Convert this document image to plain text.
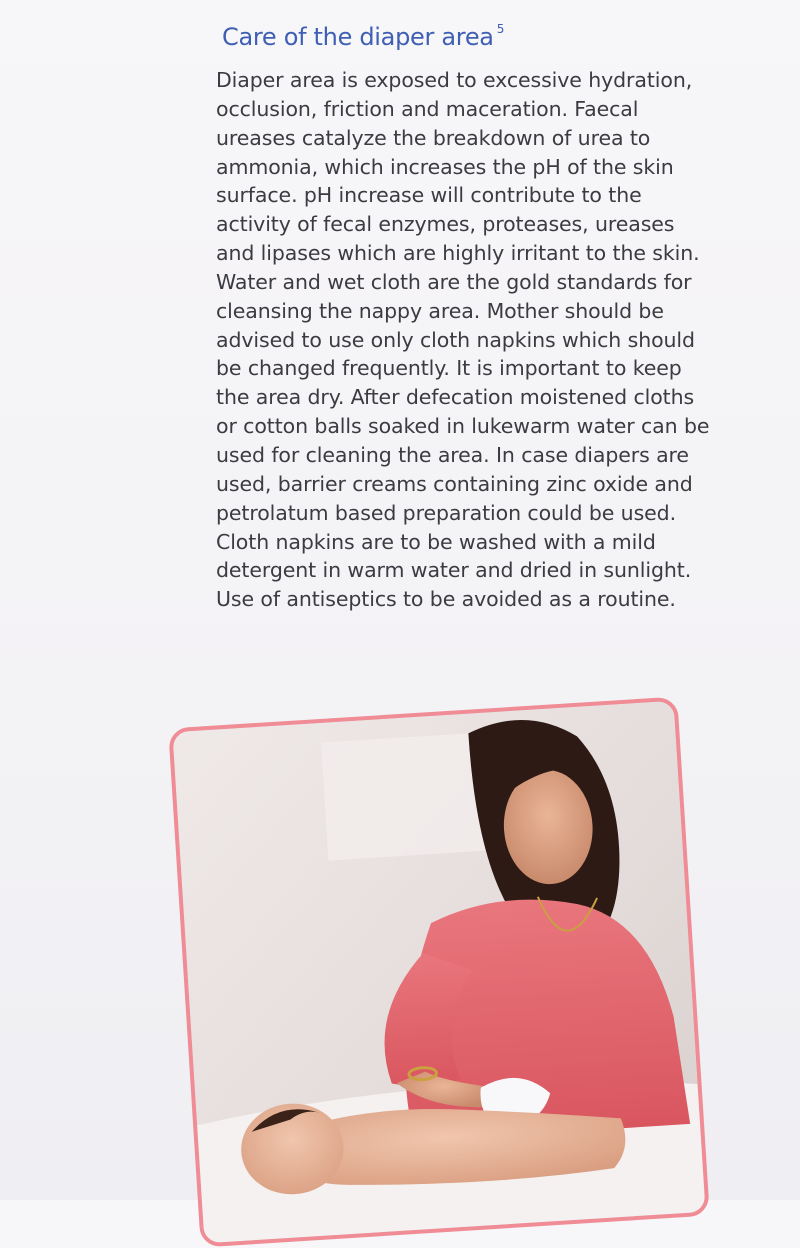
Care of the diaper area $^5$
Diaper area is exposed to excessive hydration,
occlusion, friction and maceration. Faecal
ureases catalyze the breakdown of urea to
ammonia, which increases the pH of the skin
surface. pH increase will contribute to the
activity of fecal enzymes, proteases, ureases
and lipases which are highly irritant to the skin.
Water and wet cloth are the gold standards for
cleansing the nappy area. Mother should be
advised to use only cloth napkins which should
be changed frequently. It is important to keep
the area dry. After defecation moistened cloths
or cotton balls soaked in lukewarm water can be
used for cleaning the area. In case diapers are
used, barrier creams containing zinc oxide and
petrolatum based preparation could be used.
Cloth napkins are to be washed with a mild
detergent in warm water and dried in sunlight.
Use of antiseptics to be avoided as a routine.
